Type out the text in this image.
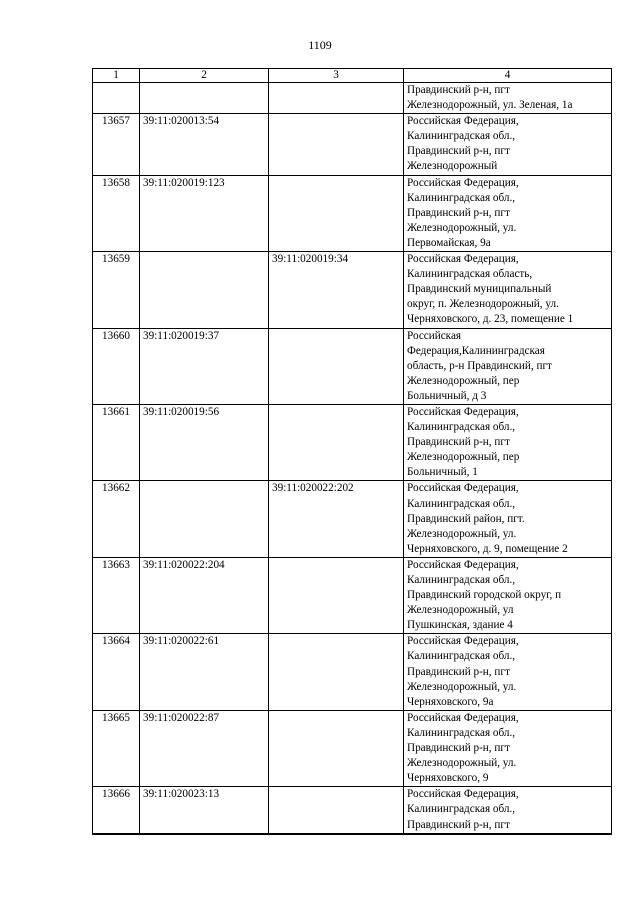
1109
1	2	3	4
			Правдинский р-н, пгт
Железнодорожный, ул. Зеленая, 1а
13657	39:11:020013:54		Российская Федерация,
Калининградская обл.,
Правдинский р-н, пгт
Железнодорожный
13658	39:11:020019:123		Российская Федерация,
Калининградская обл.,
Правдинский р-н, пгт
Железнодорожный, ул.
Первомайская, 9а
13659		39:11:020019:34	Российская Федерация,
Калининградская область,
Правдинский муниципальный
округ, п. Железнодорожный, ул.
Черняховского, д. 23, помещение 1
13660	39:11:020019:37		Российская
Федерация,Калининградская
область, р-н Правдинский, пгт
Железнодорожный, пер
Больничный, д 3
13661	39:11:020019:56		Российская Федерация,
Калининградская обл.,
Правдинский р-н, пгт
Железнодорожный, пер
Больничный, 1
13662		39:11:020022:202	Российская Федерация,
Калининградская обл.,
Правдинский район, пгт.
Железнодорожный, ул.
Черняховского, д. 9, помещение 2
13663	39:11:020022:204		Российская Федерация,
Калининградская обл.,
Правдинский городской округ, п
Железнодорожный, ул
Пушкинская, здание 4
13664	39:11:020022:61		Российская Федерация,
Калининградская обл.,
Правдинский р-н, пгт
Железнодорожный, ул.
Черняховского, 9а
13665	39:11:020022:87		Российская Федерация,
Калининградская обл.,
Правдинский р-н, пгт
Железнодорожный, ул.
Черняховского, 9
13666	39:11:020023:13		Российская Федерация,
Калининградская обл.,
Правдинский р-н, пгт
